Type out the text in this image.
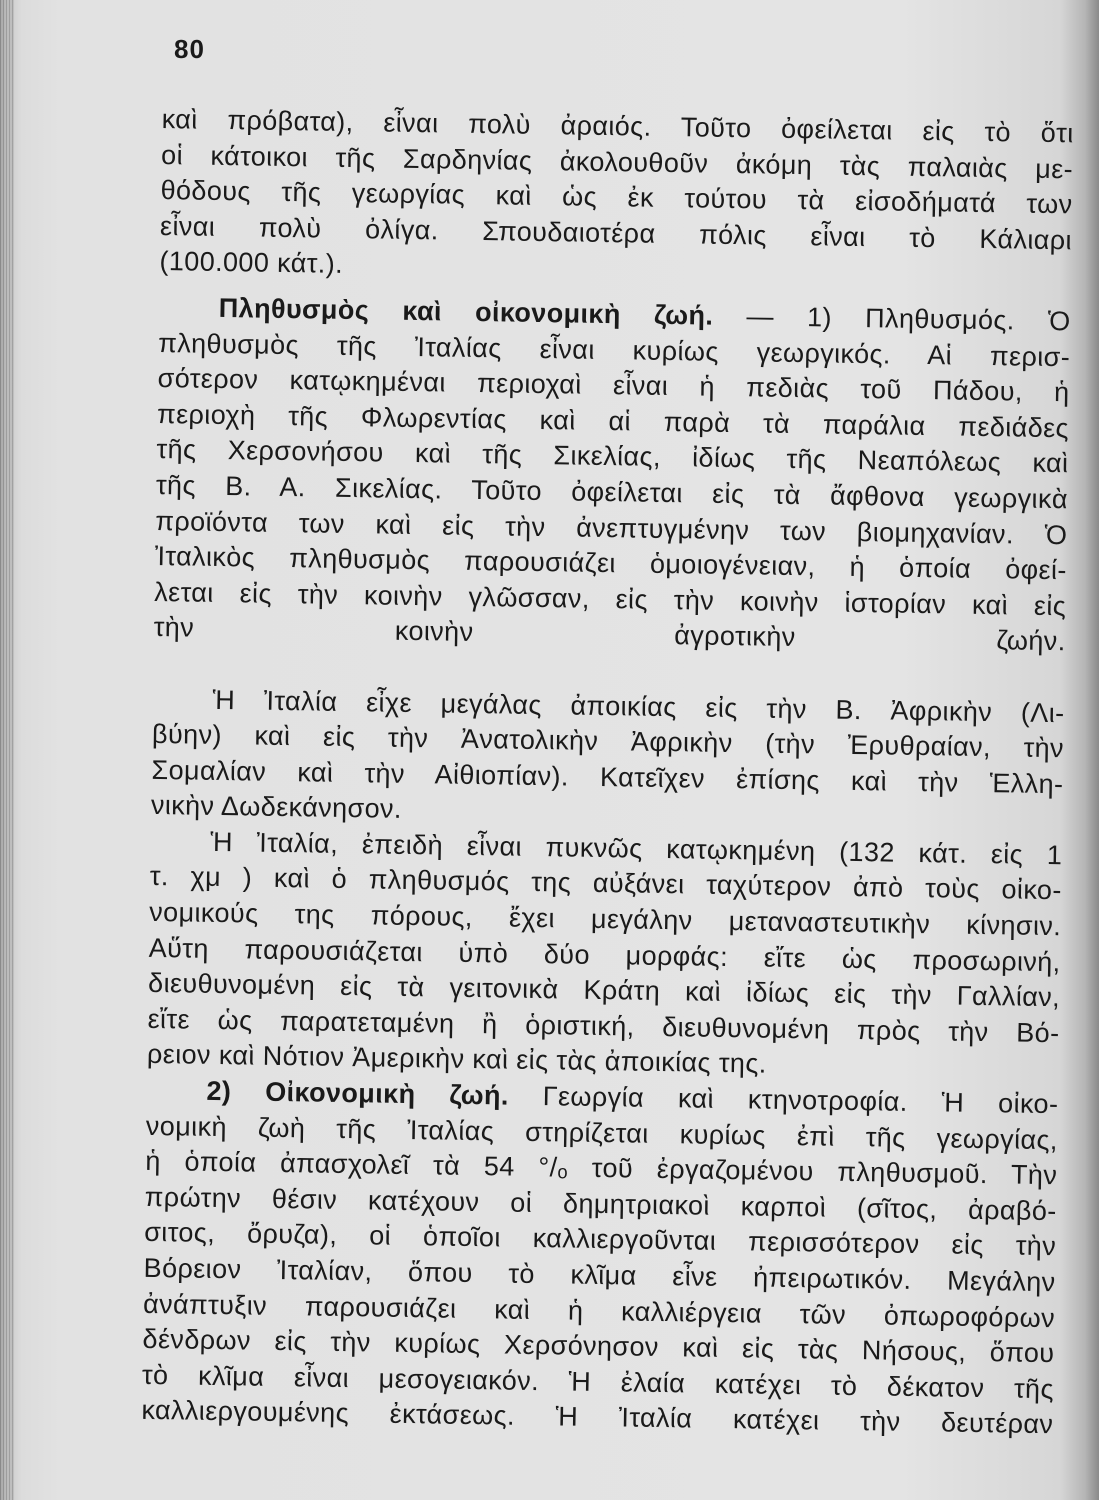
80
καὶ πρόβατα), εἶναι πολὺ ἀραιός. Τοῦτο ὀφείλεται εἰς τὸ ὅτι
οἱ κάτοικοι τῆς Σαρδηνίας ἀκολουθοῦν ἀκόμη τὰς παλαιὰς με-
θόδους τῆς γεωργίας καὶ ὡς ἐκ τούτου τὰ εἰσοδήματά των
εἶναι πολὺ ὀλίγα. Σπουδαιοτέρα πόλις εἶναι τὸ Κάλιαρι
(100.000 κάτ.).
Πληθυσμὸς καὶ οἰκονομικὴ ζωή. — 1) Πληθυσμός. Ὁ
πληθυσμὸς τῆς Ἰταλίας εἶναι κυρίως γεωργικός. Αἱ περισ-
σότερον κατῳκημέναι περιοχαὶ εἶναι ἡ πεδιὰς τοῦ Πάδου, ἡ
περιοχὴ τῆς Φλωρεντίας καὶ αἱ παρὰ τὰ παράλια πεδιάδες
τῆς Χερσονήσου καὶ τῆς Σικελίας, ἰδίως τῆς Νεαπόλεως καὶ
τῆς Β. Α. Σικελίας. Τοῦτο ὀφείλεται εἰς τὰ ἄφθονα γεωργικὰ
προϊόντα των καὶ εἰς τὴν ἀνεπτυγμένην των βιομηχανίαν. Ὁ
Ἰταλικὸς πληθυσμὸς παρουσιάζει ὁμοιογένειαν, ἡ ὁποία ὀφεί-
λεται εἰς τὴν κοινὴν γλῶσσαν, εἰς τὴν κοινὴν ἱστορίαν καὶ εἰς
τὴν κοινὴν ἀγροτικὴν ζωήν.
Ἡ Ἰταλία εἶχε μεγάλας ἀποικίας εἰς τὴν Β. Ἀφρικὴν (Λι-
βύην) καὶ εἰς τὴν Ἀνατολικὴν Ἀφρικὴν (τὴν Ἐρυθραίαν, τὴν
Σομαλίαν καὶ τὴν Αἰθιοπίαν). Κατεῖχεν ἐπίσης καὶ τὴν Ἑλλη-
νικὴν Δωδεκάνησον.
Ἡ Ἰταλία, ἐπειδὴ εἶναι πυκνῶς κατῳκημένη (132 κάτ. εἰς 1
τ. χμ ) καὶ ὁ πληθυσμός της αὐξάνει ταχύτερον ἀπὸ τοὺς οἰκο-
νομικούς της πόρους, ἔχει μεγάλην μεταναστευτικὴν κίνησιν.
Αὕτη παρουσιάζεται ὑπὸ δύο μορφάς: εἴτε ὡς προσωρινή,
διευθυνομένη εἰς τὰ γειτονικὰ Κράτη καὶ ἰδίως εἰς τὴν Γαλλίαν,
εἴτε ὡς παρατεταμένη ἢ ὁριστική, διευθυνομένη πρὸς τὴν Βό-
ρειον καὶ Νότιον Ἀμερικὴν καὶ εἰς τὰς ἀποικίας της.
2) Οἰκονομικὴ ζωή. Γεωργία καὶ κτηνοτροφία. Ἡ οἰκο-
νομικὴ ζωὴ τῆς Ἰταλίας στηρίζεται κυρίως ἐπὶ τῆς γεωργίας,
ἡ ὁποία ἀπασχολεῖ τὰ 54 °/ₒ τοῦ ἐργαζομένου πληθυσμοῦ. Τὴν
πρώτην θέσιν κατέχουν οἱ δημητριακοὶ καρποὶ (σῖτος, ἀραβό-
σιτος, ὄρυζα), οἱ ὁποῖοι καλλιεργοῦνται περισσότερον εἰς τὴν
Βόρειον Ἰταλίαν, ὅπου τὸ κλῖμα εἶνε ἠπειρωτικόν. Μεγάλην
ἀνάπτυξιν παρουσιάζει καὶ ἡ καλλιέργεια τῶν ὀπωροφόρων
δένδρων εἰς τὴν κυρίως Χερσόνησον καὶ εἰς τὰς Νήσους, ὅπου
τὸ κλῖμα εἶναι μεσογειακόν. Ἡ ἐλαία κατέχει τὸ δέκατον τῆς
καλλιεργουμένης ἐκτάσεως. Ἡ Ἰταλία κατέχει τὴν δευτέραν
